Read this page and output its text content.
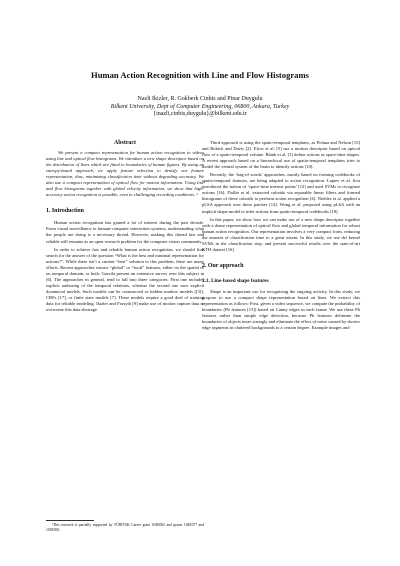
Human Action Recognition with Line and Flow Histograms
Nazli Ikizler, R. Gokberk Cinbis and Pinar Duygulu
Bilkent University, Dept of Computer Engineering, 06800, Ankara, Turkey
{inazli,cinbis,duygulu}@bilkent.edu.tr
Abstract

We present a compact representation for human action recognition in videos using line and optical flow histograms. We introduce a new shape descriptor based on the distribution of lines which are fitted to boundaries of human figures. By using an entropy-based approach, we apply feature selection to densify our feature representation, thus, minimizing classification time without degrading accuracy. We also use a compact representation of optical flow for motion information. Using line and flow histograms together with global velocity information, we show that high-accuracy action recognition is possible, even in challenging recording conditions. ¹

1. Introduction

Human action recognition has gained a lot of interest during the past decade. From visual surveillance to human-computer interaction systems, understanding what the people are doing is a necessary thread. However, making this thread fast and reliable still remains as an open research problem for the computer vision community.

In order to achieve fast and reliable human action recognition, we should first search for the answer of the question “What is the best and minimal representation for actions?”. While there isn’t a current “best” solution to this problem, there are many efforts. Recent approaches extract “global” or “local” features, either on the spatial or on temporal domain, or both. Gavrila present an extensive survey over this subject in [6]. The approaches in general, tend to fall into three categories. First one includes explicit authoring of the temporal relations, whereas the second one uses explicit dynamical models. Such models can be constructed as hidden markov models ([3]), CRFs [17], or finite state models [7]. These models require a good deal of training data for reliable modeling. Ikizler and Forsyth [9] make use of motion capture data to overcome this data shortage.

¹This research is partially supported by TÜBİTAK Career grant 104E065 and grants 104E077 and 105E065.

Third approach is using the spatio-temporal templates, as Polana and Nelson [15] and Bobick and Davis [2]. Efros et al. [5] use a motion descriptor based on optical flow of a spatio-temporal volume. Blank et al. [1] define actions as space-time shapes. A recent approach based on a hierarchical use of spatio-temporal templates tries to model the ventral system of the brain to identify actions [10].

Recently, the ‘bag-of-words’ approaches, mostly based on forming codebooks of spatio-temporal features, are being adapted to action recognition. Laptev et al. first introduced the notion of ‘space-time interest points’ [12] and used SVMs to recognize actions [16]. Dollár et al. extracted cuboids via separable linear filters and formed histograms of these cuboids to perform action recognition [4]. Niebles et al. applied a pLSA approach over these patches [14]. Wong et al. proposed using pLSA with an implicit shape model to infer actions from spatio-temporal codebooks [18].

In this paper, we show how we can make use of a new shape descriptor together with a dense representation of optical flow and global temporal information for robust human action recognition. Our representation involves a very compact form, reducing the amount of classification time to a great extent. In this study, we use rbf kernel SVMs in the classification step, and present successful results over the state-of-art KTH dataset [16].

2. Our approach
2.1. Line-based shape features

Shape is an important cue for recognizing the ongoing activity. In this study, we propose to use a compact shape representation based on lines. We extract this representation as follows: First, given a video sequence, we compute the probability of boundaries (Pb features [13]) based on Canny edges in each frame. We use these Pb features rather than simple edge detection, because Pb features delineate the boundaries of objects more strongly and eliminate the effect of noise caused by shorter edge segments in cluttered backgrounds to a certain degree. Example images and
